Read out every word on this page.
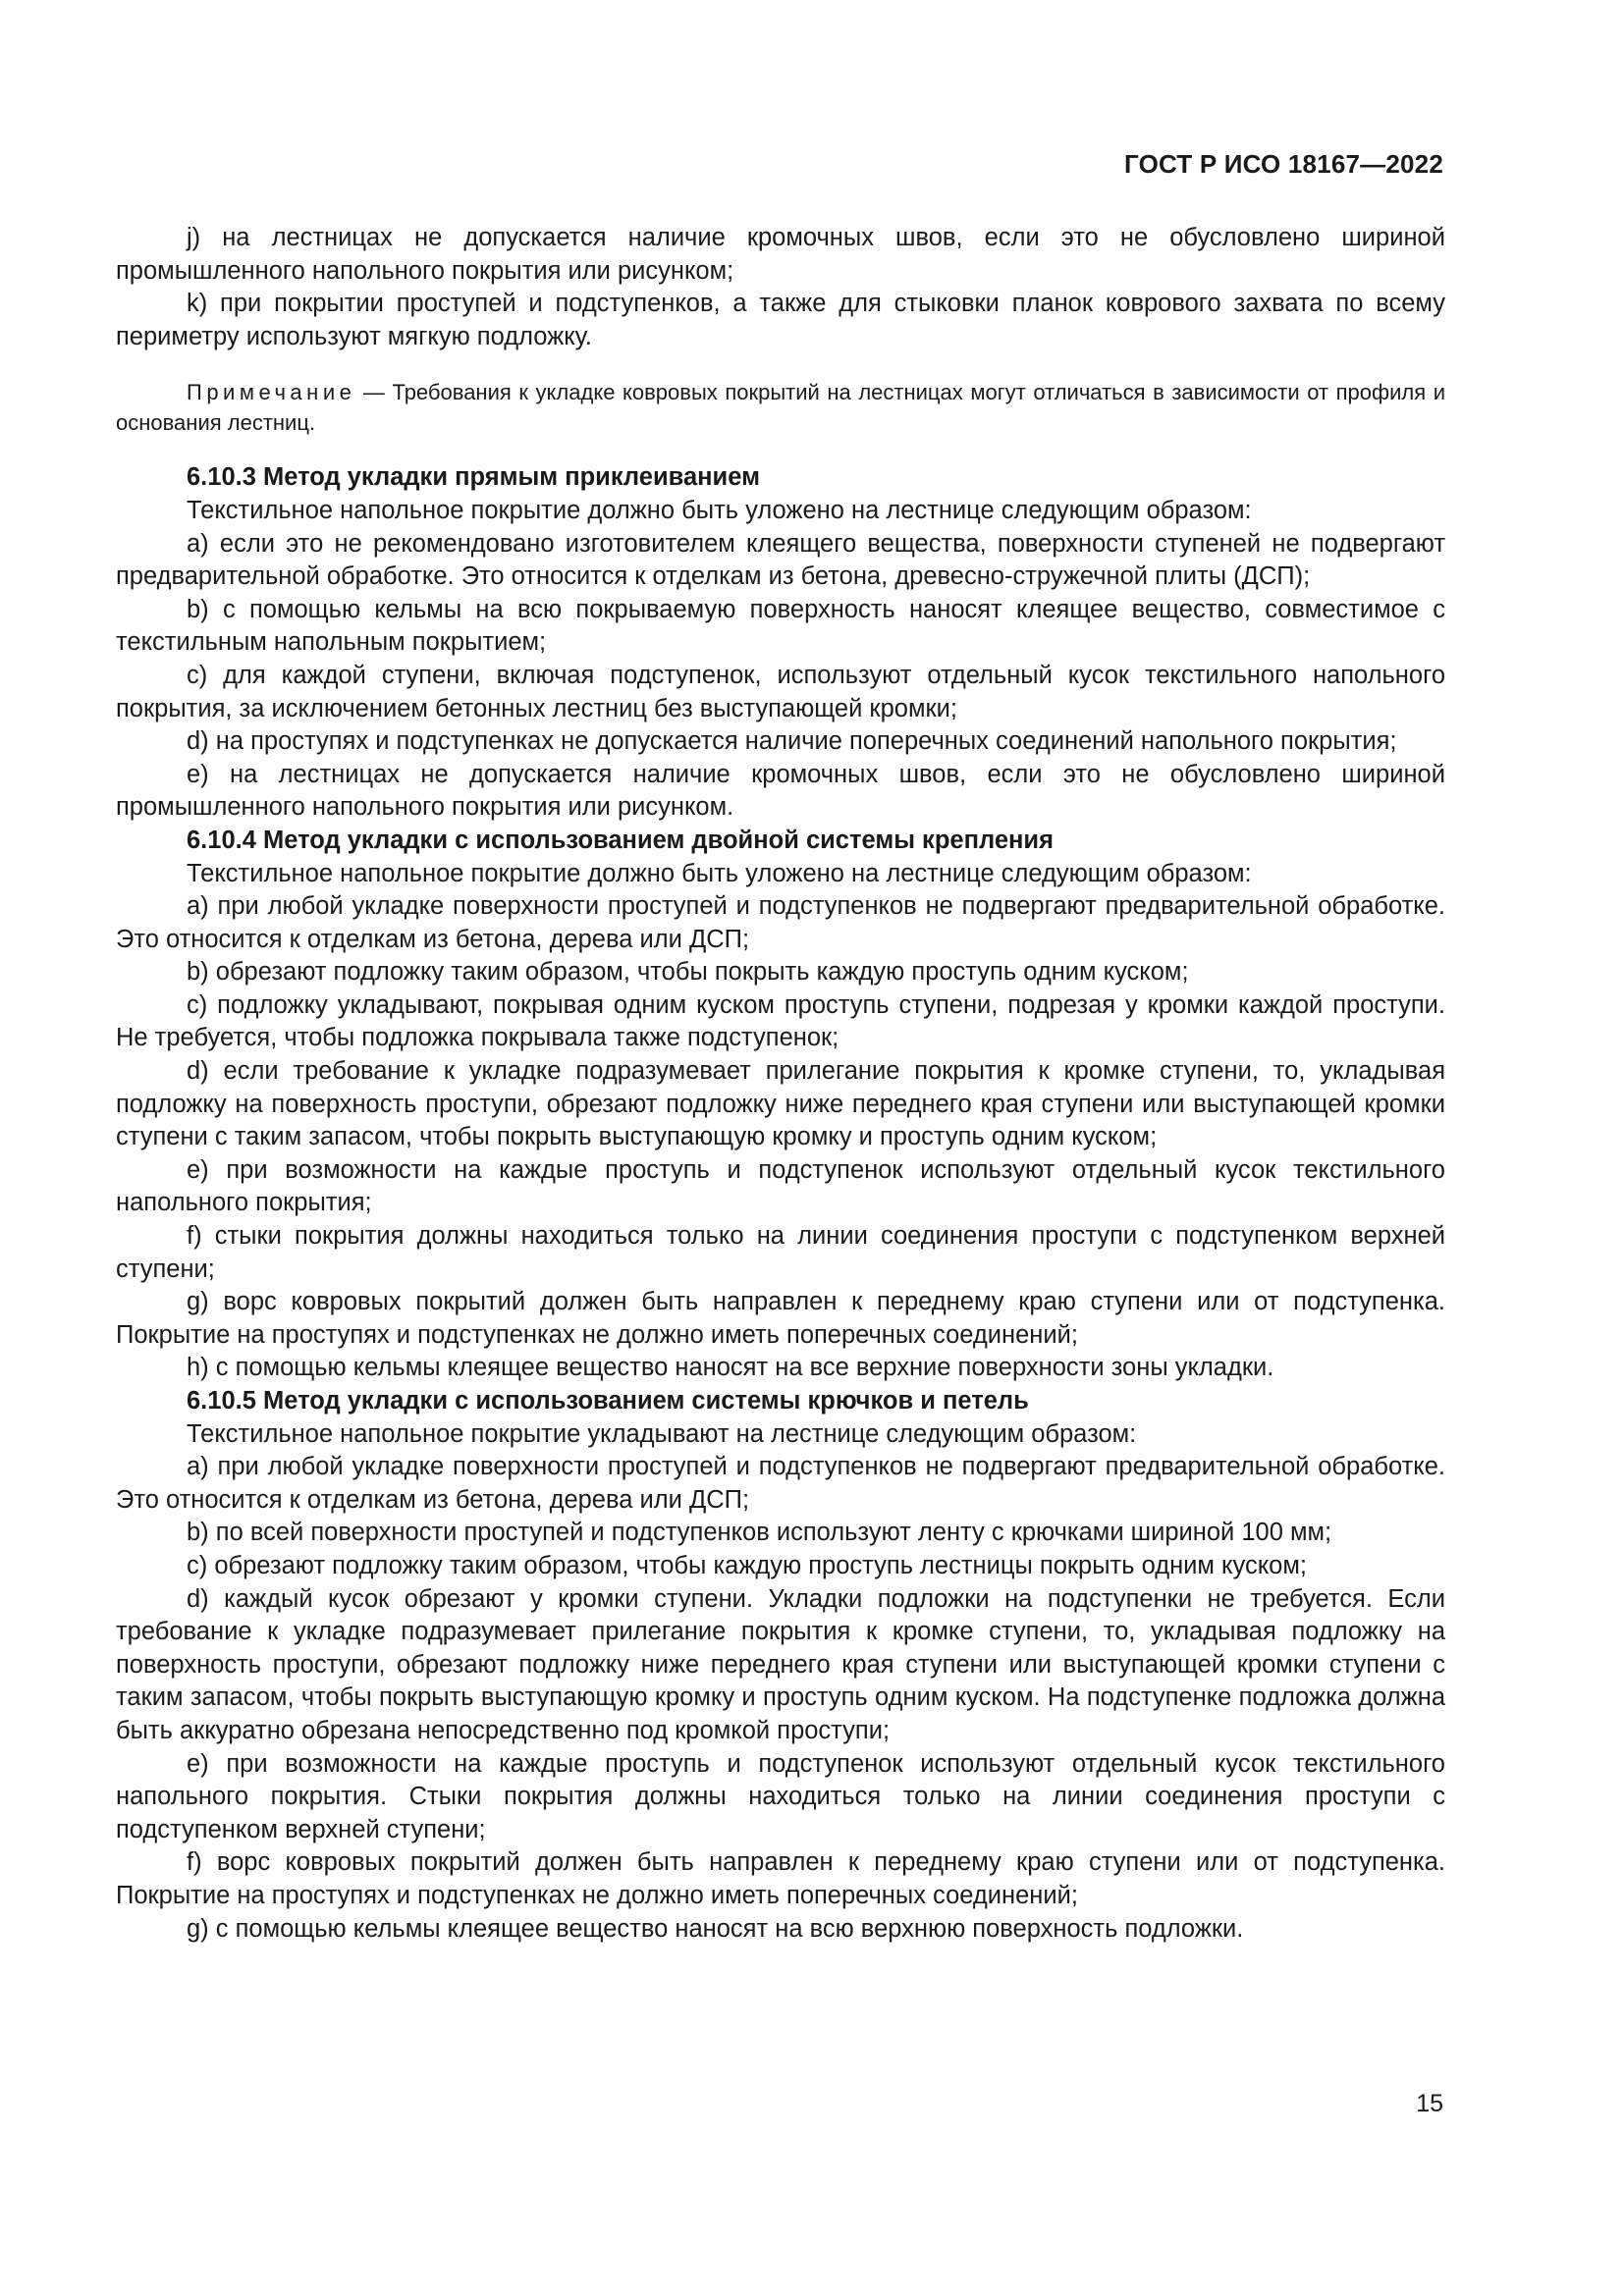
ГОСТ Р ИСО 18167—2022

j) на лестницах не допускается наличие кромочных швов, если это не обусловлено шириной промышленного напольного покрытия или рисунком;

k) при покрытии проступей и подступенков, а также для стыковки планок коврового захвата по всему периметру используют мягкую подложку.

Примечание — Требования к укладке ковровых покрытий на лестницах могут отличаться в зависимости от профиля и основания лестниц.

6.10.3 Метод укладки прямым приклеиванием

Текстильное напольное покрытие должно быть уложено на лестнице следующим образом:

a) если это не рекомендовано изготовителем клеящего вещества, поверхности ступеней не подвергают предварительной обработке. Это относится к отделкам из бетона, древесно-стружечной плиты (ДСП);

b) с помощью кельмы на всю покрываемую поверхность наносят клеящее вещество, совместимое с текстильным напольным покрытием;

c) для каждой ступени, включая подступенок, используют отдельный кусок текстильного напольного покрытия, за исключением бетонных лестниц без выступающей кромки;

d) на проступях и подступенках не допускается наличие поперечных соединений напольного покрытия;

e) на лестницах не допускается наличие кромочных швов, если это не обусловлено шириной промышленного напольного покрытия или рисунком.

6.10.4 Метод укладки с использованием двойной системы крепления

Текстильное напольное покрытие должно быть уложено на лестнице следующим образом:

a) при любой укладке поверхности проступей и подступенков не подвергают предварительной обработке. Это относится к отделкам из бетона, дерева или ДСП;

b) обрезают подложку таким образом, чтобы покрыть каждую проступь одним куском;

c) подложку укладывают, покрывая одним куском проступь ступени, подрезая у кромки каждой проступи. Не требуется, чтобы подложка покрывала также подступенок;

d) если требование к укладке подразумевает прилегание покрытия к кромке ступени, то, укладывая подложку на поверхность проступи, обрезают подложку ниже переднего края ступени или выступающей кромки ступени с таким запасом, чтобы покрыть выступающую кромку и проступь одним куском;

e) при возможности на каждые проступь и подступенок используют отдельный кусок текстильного напольного покрытия;

f) стыки покрытия должны находиться только на линии соединения проступи с подступенком верхней ступени;

g) ворс ковровых покрытий должен быть направлен к переднему краю ступени или от подступенка. Покрытие на проступях и подступенках не должно иметь поперечных соединений;

h) с помощью кельмы клеящее вещество наносят на все верхние поверхности зоны укладки.

6.10.5 Метод укладки с использованием системы крючков и петель

Текстильное напольное покрытие укладывают на лестнице следующим образом:

a) при любой укладке поверхности проступей и подступенков не подвергают предварительной обработке. Это относится к отделкам из бетона, дерева или ДСП;

b) по всей поверхности проступей и подступенков используют ленту с крючками шириной 100 мм;

c) обрезают подложку таким образом, чтобы каждую проступь лестницы покрыть одним куском;

d) каждый кусок обрезают у кромки ступени. Укладки подложки на подступенки не требуется. Если требование к укладке подразумевает прилегание покрытия к кромке ступени, то, укладывая подложку на поверхность проступи, обрезают подложку ниже переднего края ступени или выступающей кромки ступени с таким запасом, чтобы покрыть выступающую кромку и проступь одним куском. На подступенке подложка должна быть аккуратно обрезана непосредственно под кромкой проступи;

e) при возможности на каждые проступь и подступенок используют отдельный кусок текстильного напольного покрытия. Стыки покрытия должны находиться только на линии соединения проступи с подступенком верхней ступени;

f) ворс ковровых покрытий должен быть направлен к переднему краю ступени или от подступенка. Покрытие на проступях и подступенках не должно иметь поперечных соединений;

g) с помощью кельмы клеящее вещество наносят на всю верхнюю поверхность подложки.

15
